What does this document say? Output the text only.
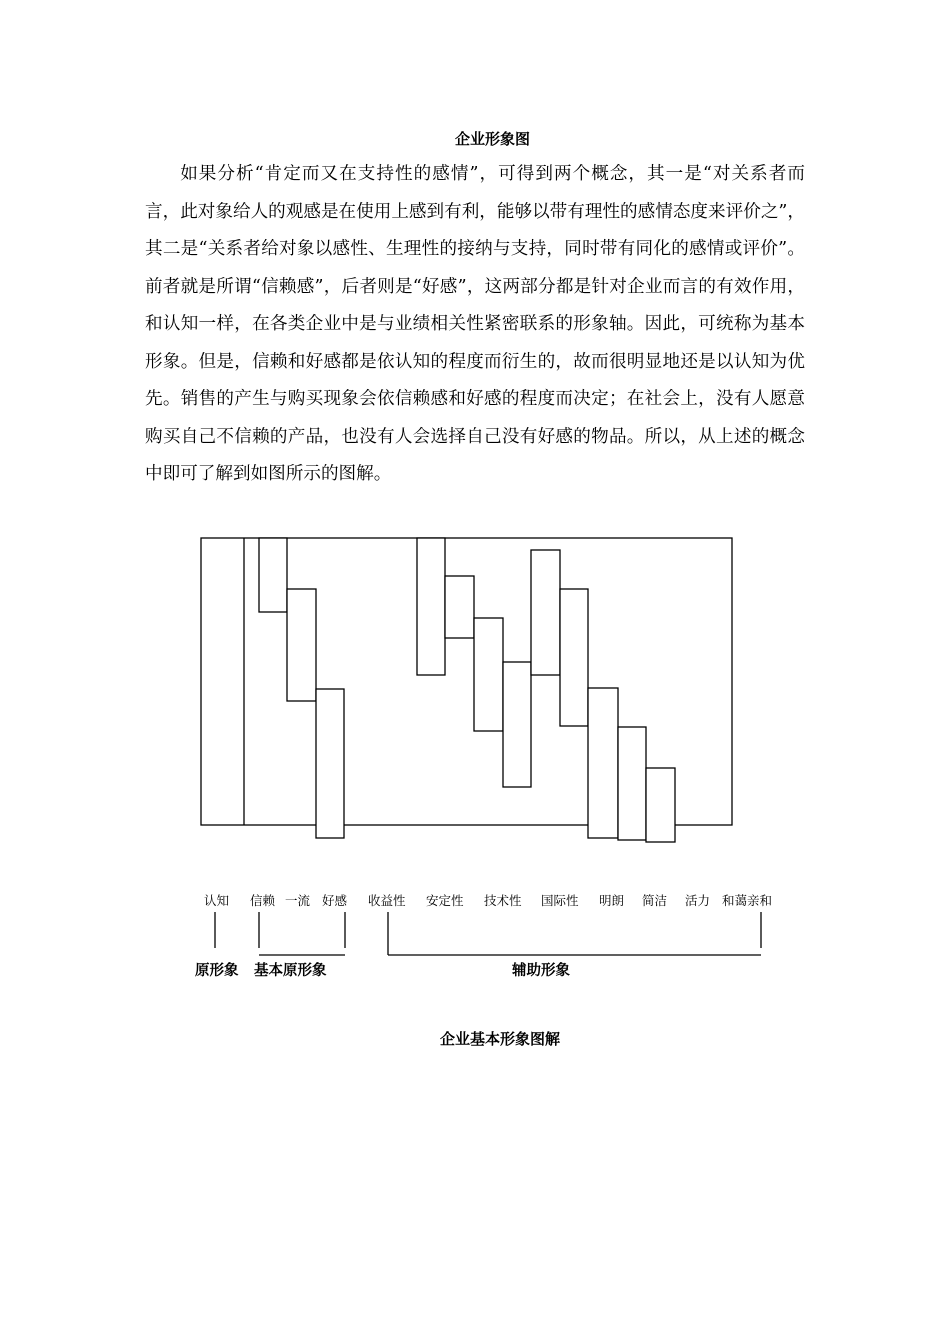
企业形象图

如果分析“肯定而又在支持性的感情”，可得到两个概念，其一是“对关系者而言，此对象给人的观感是在使用上感到有利，能够以带有理性的感情态度来评价之”，其二是“关系者给对象以感性、生理性的接纳与支持，同时带有同化的感情或评价”。前者就是所谓“信赖感”，后者则是“好感”，这两部分都是针对企业而言的有效作用，和认知一样，在各类企业中是与业绩相关性紧密联系的形象轴。因此，可统称为基本形象。但是，信赖和好感都是依认知的程度而衍生的，故而很明显地还是以认知为优先。销售的产生与购买现象会依信赖感和好感的程度而决定；在社会上，没有人愿意购买自己不信赖的产品，也没有人会选择自己没有好感的物品。所以，从上述的概念中即可了解到如图所示的图解。

认知 信赖 一流 好感 收益性 安定性 技术性 国际性 明朗 简洁 活力 和蔼亲和
原形象 基本原形象	辅助形象
企业基本形象图解
